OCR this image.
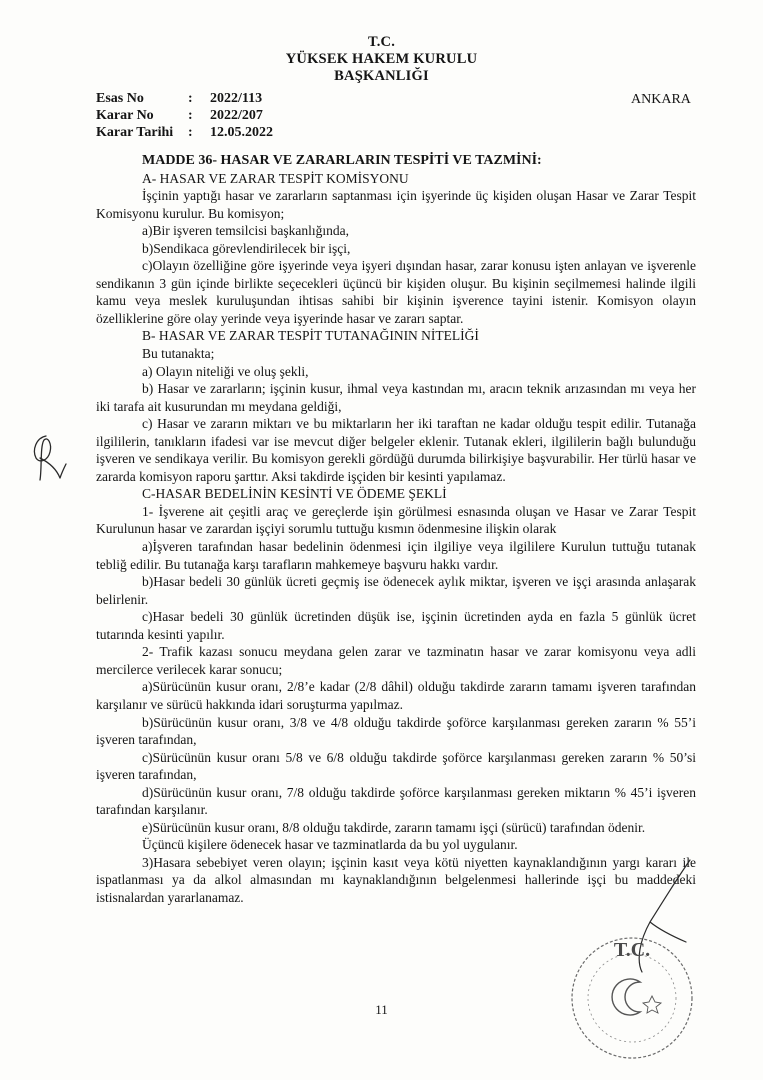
T.C.
YÜKSEK HAKEM KURULU
BAŞKANLIĞI
Esas No	: 2022/113
Karar No : 2022/207
Karar Tarihi : 12.05.2022
ANKARA

MADDE 36- HASAR VE ZARARLARIN TESPİTİ VE TAZMİNİ:

A- HASAR VE ZARAR TESPİT KOMİSYONU

İşçinin yaptığı hasar ve zararların saptanması için işyerinde üç kişiden oluşan Hasar ve Zarar Tespit Komisyonu kurulur. Bu komisyon;

a)Bir işveren temsilcisi başkanlığında,

b)Sendikaca görevlendirilecek bir işçi,

c)Olayın özelliğine göre işyerinde veya işyeri dışından hasar, zarar konusu işten anlayan ve işverenle sendikanın 3 gün içinde birlikte seçecekleri üçüncü bir kişiden oluşur. Bu kişinin seçilmemesi halinde ilgili kamu veya meslek kuruluşundan ihtisas sahibi bir kişinin işverence tayini istenir. Komisyon olayın özelliklerine göre olay yerinde veya işyerinde hasar ve zararı saptar.

B- HASAR VE ZARAR TESPİT TUTANAĞININ NİTELİĞİ

Bu tutanakta;

a) Olayın niteliği ve oluş şekli,

b) Hasar ve zararların; işçinin kusur, ihmal veya kastından mı, aracın teknik arızasından mı veya her iki tarafa ait kusurundan mı meydana geldiği,

c) Hasar ve zararın miktarı ve bu miktarların her iki taraftan ne kadar olduğu tespit edilir. Tutanağa ilgililerin, tanıkların ifadesi var ise mevcut diğer belgeler eklenir. Tutanak ekleri, ilgililerin bağlı bulunduğu işveren ve sendikaya verilir. Bu komisyon gerekli gördüğü durumda bilirkişiye başvurabilir. Her türlü hasar ve zararda komisyon raporu şarttır. Aksi takdirde işçiden bir kesinti yapılamaz.

C-HASAR BEDELİNİN KESİNTİ VE ÖDEME ŞEKLİ

1- İşverene ait çeşitli araç ve gereçlerde işin görülmesi esnasında oluşan ve Hasar ve Zarar Tespit Kurulunun hasar ve zarardan işçiyi sorumlu tuttuğu kısmın ödenmesine ilişkin olarak

a)İşveren tarafından hasar bedelinin ödenmesi için ilgiliye veya ilgililere Kurulun tuttuğu tutanak tebliğ edilir. Bu tutanağa karşı tarafların mahkemeye başvuru hakkı vardır.

b)Hasar bedeli 30 günlük ücreti geçmiş ise ödenecek aylık miktar, işveren ve işçi arasında anlaşarak belirlenir.

c)Hasar bedeli 30 günlük ücretinden düşük ise, işçinin ücretinden ayda en fazla 5 günlük ücret tutarında kesinti yapılır.

2- Trafik kazası sonucu meydana gelen zarar ve tazminatın hasar ve zarar komisyonu veya adli mercilerce verilecek karar sonucu;

a)Sürücünün kusur oranı, 2/8’e kadar (2/8 dâhil) olduğu takdirde zararın tamamı işveren tarafından karşılanır ve sürücü hakkında idari soruşturma yapılmaz.

b)Sürücünün kusur oranı, 3/8 ve 4/8 olduğu takdirde şoförce karşılanması gereken zararın % 55’i işveren tarafından,

c)Sürücünün kusur oranı 5/8 ve 6/8 olduğu takdirde şoförce karşılanması gereken zararın % 50’si işveren tarafından,

d)Sürücünün kusur oranı, 7/8 olduğu takdirde şoförce karşılanması gereken miktarın % 45’i işveren tarafından karşılanır.

e)Sürücünün kusur oranı, 8/8 olduğu takdirde, zararın tamamı işçi (sürücü) tarafından ödenir.

Üçüncü kişilere ödenecek hasar ve tazminatlarda da bu yol uygulanır.

3)Hasara sebebiyet veren olayın; işçinin kasıt veya kötü niyetten kaynaklandığının yargı kararı ile ispatlanması ya da alkol almasından mı kaynaklandığının belgelenmesi hallerinde işçi bu maddedeki istisnalardan yararlanamaz.

11
T.C.
